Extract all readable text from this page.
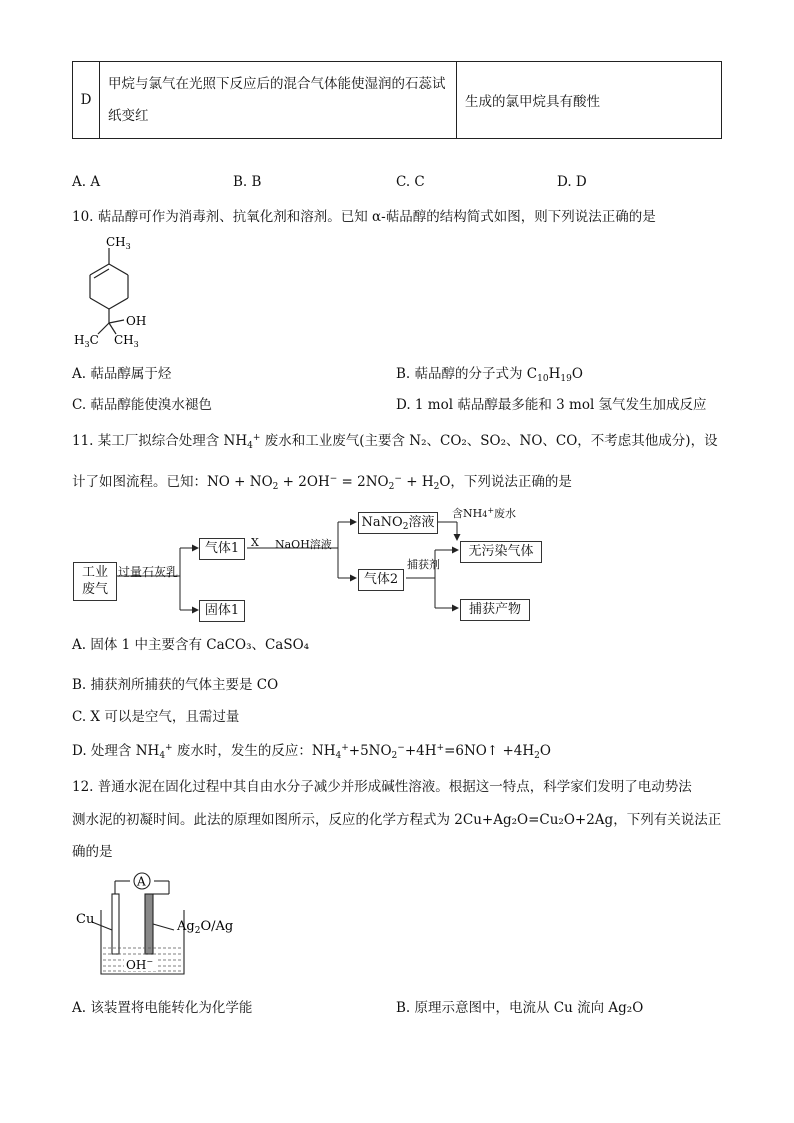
D	甲烷与氯气在光照下反应后的混合气体能使湿润的石蕊试纸变红	生成的氯甲烷具有酸性
A. A	B. B	C. C	D. D
10. 萜品醇可作为消毒剂、抗氧化剂和溶剂。已知 α-萜品醇的结构简式如图，则下列说法正确的是
$CH_3$
OH
$H_3C$ $CH_3$
A. 萜品醇属于烃	B. 萜品醇的分子式为 $C_{10}H_{19}O$
C. 萜品醇能使溴水褪色	D. 1 mol 萜品醇最多能和 3 mol 氢气发生加成反应
11. 某工厂拟综合处理含 $NH_4^+$ 废水和工业废气(主要含 N₂、CO₂、SO₂、NO、CO，不考虑其他成分)，设
计了如图流程。已知：NO + $NO_2 + 2OH^- = 2NO_2^- + H_2O$，下列说法正确的是
工业
废气
过量石灰乳
气体1
固体1
X NaOH溶液
NaNO$_2$溶液
含NH4+废水
无污染气体
气体2
捕获剂
捕获产物
A. 固体 1 中主要含有 CaCO₃、CaSO₄
B. 捕获剂所捕获的气体主要是 CO
C. X 可以是空气，且需过量
D. 处理含 $NH_4^+$ 废水时，发生的反应：$NH_4^++5NO_2^-+4H^+=6NO↑ +4H_2O$
12. 普通水泥在固化过程中其自由水分子减少并形成碱性溶液。根据这一特点，科学家们发明了电动势法
测水泥的初凝时间。此法的原理如图所示，反应的化学方程式为 2Cu+Ag₂O=Cu₂O+2Ag，下列有关说法正
确的是
A
Cu	$Ag_2O/Ag$
OH−
A. 该装置将电能转化为化学能	B. 原理示意图中，电流从 Cu 流向 Ag₂O
